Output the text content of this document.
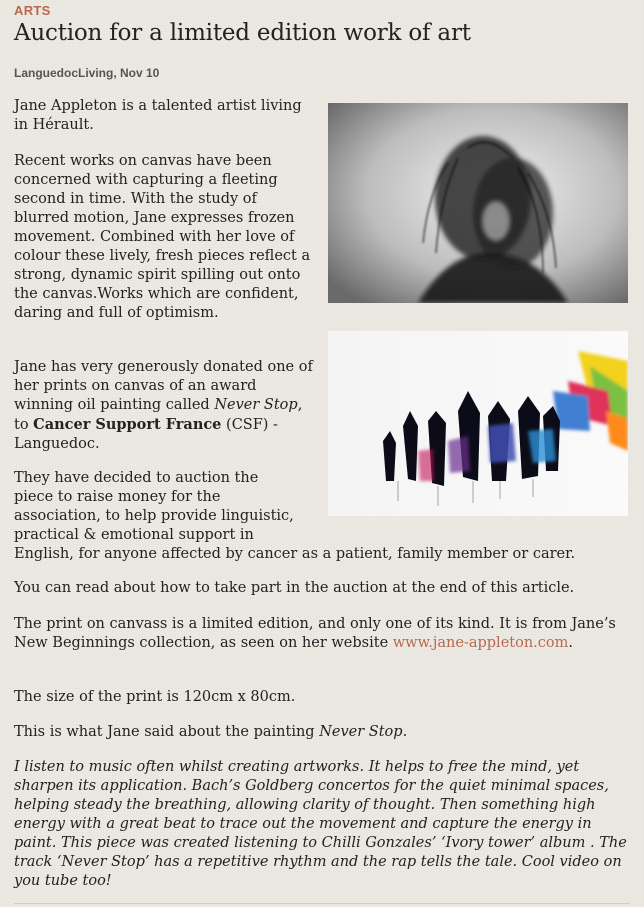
ARTS
Auction for a limited edition work of art
LanguedocLiving, Nov 10

Jane Appleton is a talented artist living in Hérault.

Recent works on canvas have been concerned with capturing a fleeting second in time. With the study of blurred motion, Jane expresses frozen movement. Combined with her love of colour these lively, fresh pieces reflect a strong, dynamic spirit spilling out onto the canvas.Works which are confident, daring and full of optimism.

Jane has very generously donated one of her prints on canvas of an award winning oil painting called Never Stop, to Cancer Support France (CSF) - Languedoc.

They have decided to auction the
piece to raise money for the
association, to help provide linguistic,
practical & emotional support in
English, for anyone affected by cancer as a patient, family member or carer.

You can read about how to take part in the auction at the end of this article.

The print on canvass is a limited edition, and only one of its kind. It is from Jane’s New Beginnings collection, as seen on her website www.jane-appleton.com.

The size of the print is 120cm x 80cm.

This is what Jane said about the painting Never Stop.

I listen to music often whilst creating artworks. It helps to free the mind, yet sharpen its application. Bach’s Goldberg concertos for the quiet minimal spaces, helping steady the breathing, allowing clarity of thought. Then something high energy with a great beat to trace out the movement and capture the energy in paint. This piece was created listening to Chilli Gonzales’ ‘Ivory tower’ album . The track ‘Never Stop’ has a repetitive rhythm and the rap tells the tale. Cool video on you tube too!
